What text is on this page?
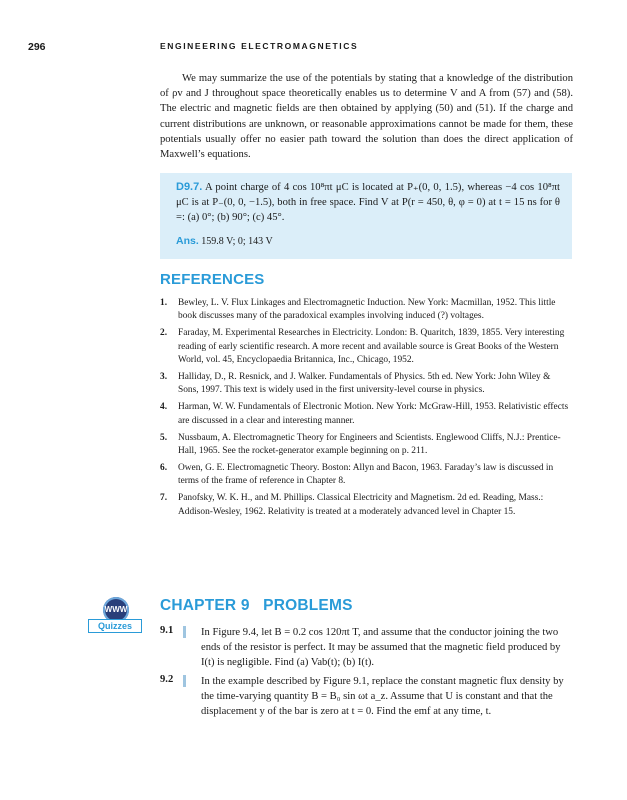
296	ENGINEERING ELECTROMAGNETICS

We may summarize the use of the potentials by stating that a knowledge of the distribution of ρv and J throughout space theoretically enables us to determine V and A from (57) and (58). The electric and magnetic fields are then obtained by applying (50) and (51). If the charge and current distributions are unknown, or reasonable approximations cannot be made for them, these potentials usually offer no easier path toward the solution than does the direct application of Maxwell’s equations.

D9.7. A point charge of 4 cos 10⁸πt μC is located at P₊(0, 0, 1.5), whereas −4 cos 10⁸πt μC is at P₋(0, 0, −1.5), both in free space. Find V at P(r = 450, θ, φ = 0) at t = 15 ns for θ =: (a) 0°; (b) 90°; (c) 45°.

Ans. 159.8 V; 0; 143 V
REFERENCES
1. Bewley, L. V. Flux Linkages and Electromagnetic Induction. New York: Macmillan, 1952. This little book discusses many of the paradoxical examples involving induced (?) voltages.
2. Faraday, M. Experimental Researches in Electricity. London: B. Quaritch, 1839, 1855. Very interesting reading of early scientific research. A more recent and available source is Great Books of the Western World, vol. 45, Encyclopaedia Britannica, Inc., Chicago, 1952.
3. Halliday, D., R. Resnick, and J. Walker. Fundamentals of Physics. 5th ed. New York: John Wiley & Sons, 1997. This text is widely used in the first university-level course in physics.
4. Harman, W. W. Fundamentals of Electronic Motion. New York: McGraw-Hill, 1953. Relativistic effects are discussed in a clear and interesting manner.
5. Nussbaum, A. Electromagnetic Theory for Engineers and Scientists. Englewood Cliffs, N.J.: Prentice-Hall, 1965. See the rocket-generator example beginning on p. 211.
6. Owen, G. E. Electromagnetic Theory. Boston: Allyn and Bacon, 1963. Faraday’s law is discussed in terms of the frame of reference in Chapter 8.
7. Panofsky, W. K. H., and M. Phillips. Classical Electricity and Magnetism. 2d ed. Reading, Mass.: Addison-Wesley, 1962. Relativity is treated at a moderately advanced level in Chapter 15.
WWW
Quizzes
CHAPTER 9   PROBLEMS
9.1	In Figure 9.4, let B = 0.2 cos 120πt T, and assume that the conductor joining the two ends of the resistor is perfect. It may be assumed that the magnetic field produced by I(t) is negligible. Find (a) Vab(t); (b) I(t).
9.2	In the example described by Figure 9.1, replace the constant magnetic flux density by the time-varying quantity B = B₀ sin ωt a_z. Assume that U is constant and that the displacement y of the bar is zero at t = 0. Find the emf at any time, t.
